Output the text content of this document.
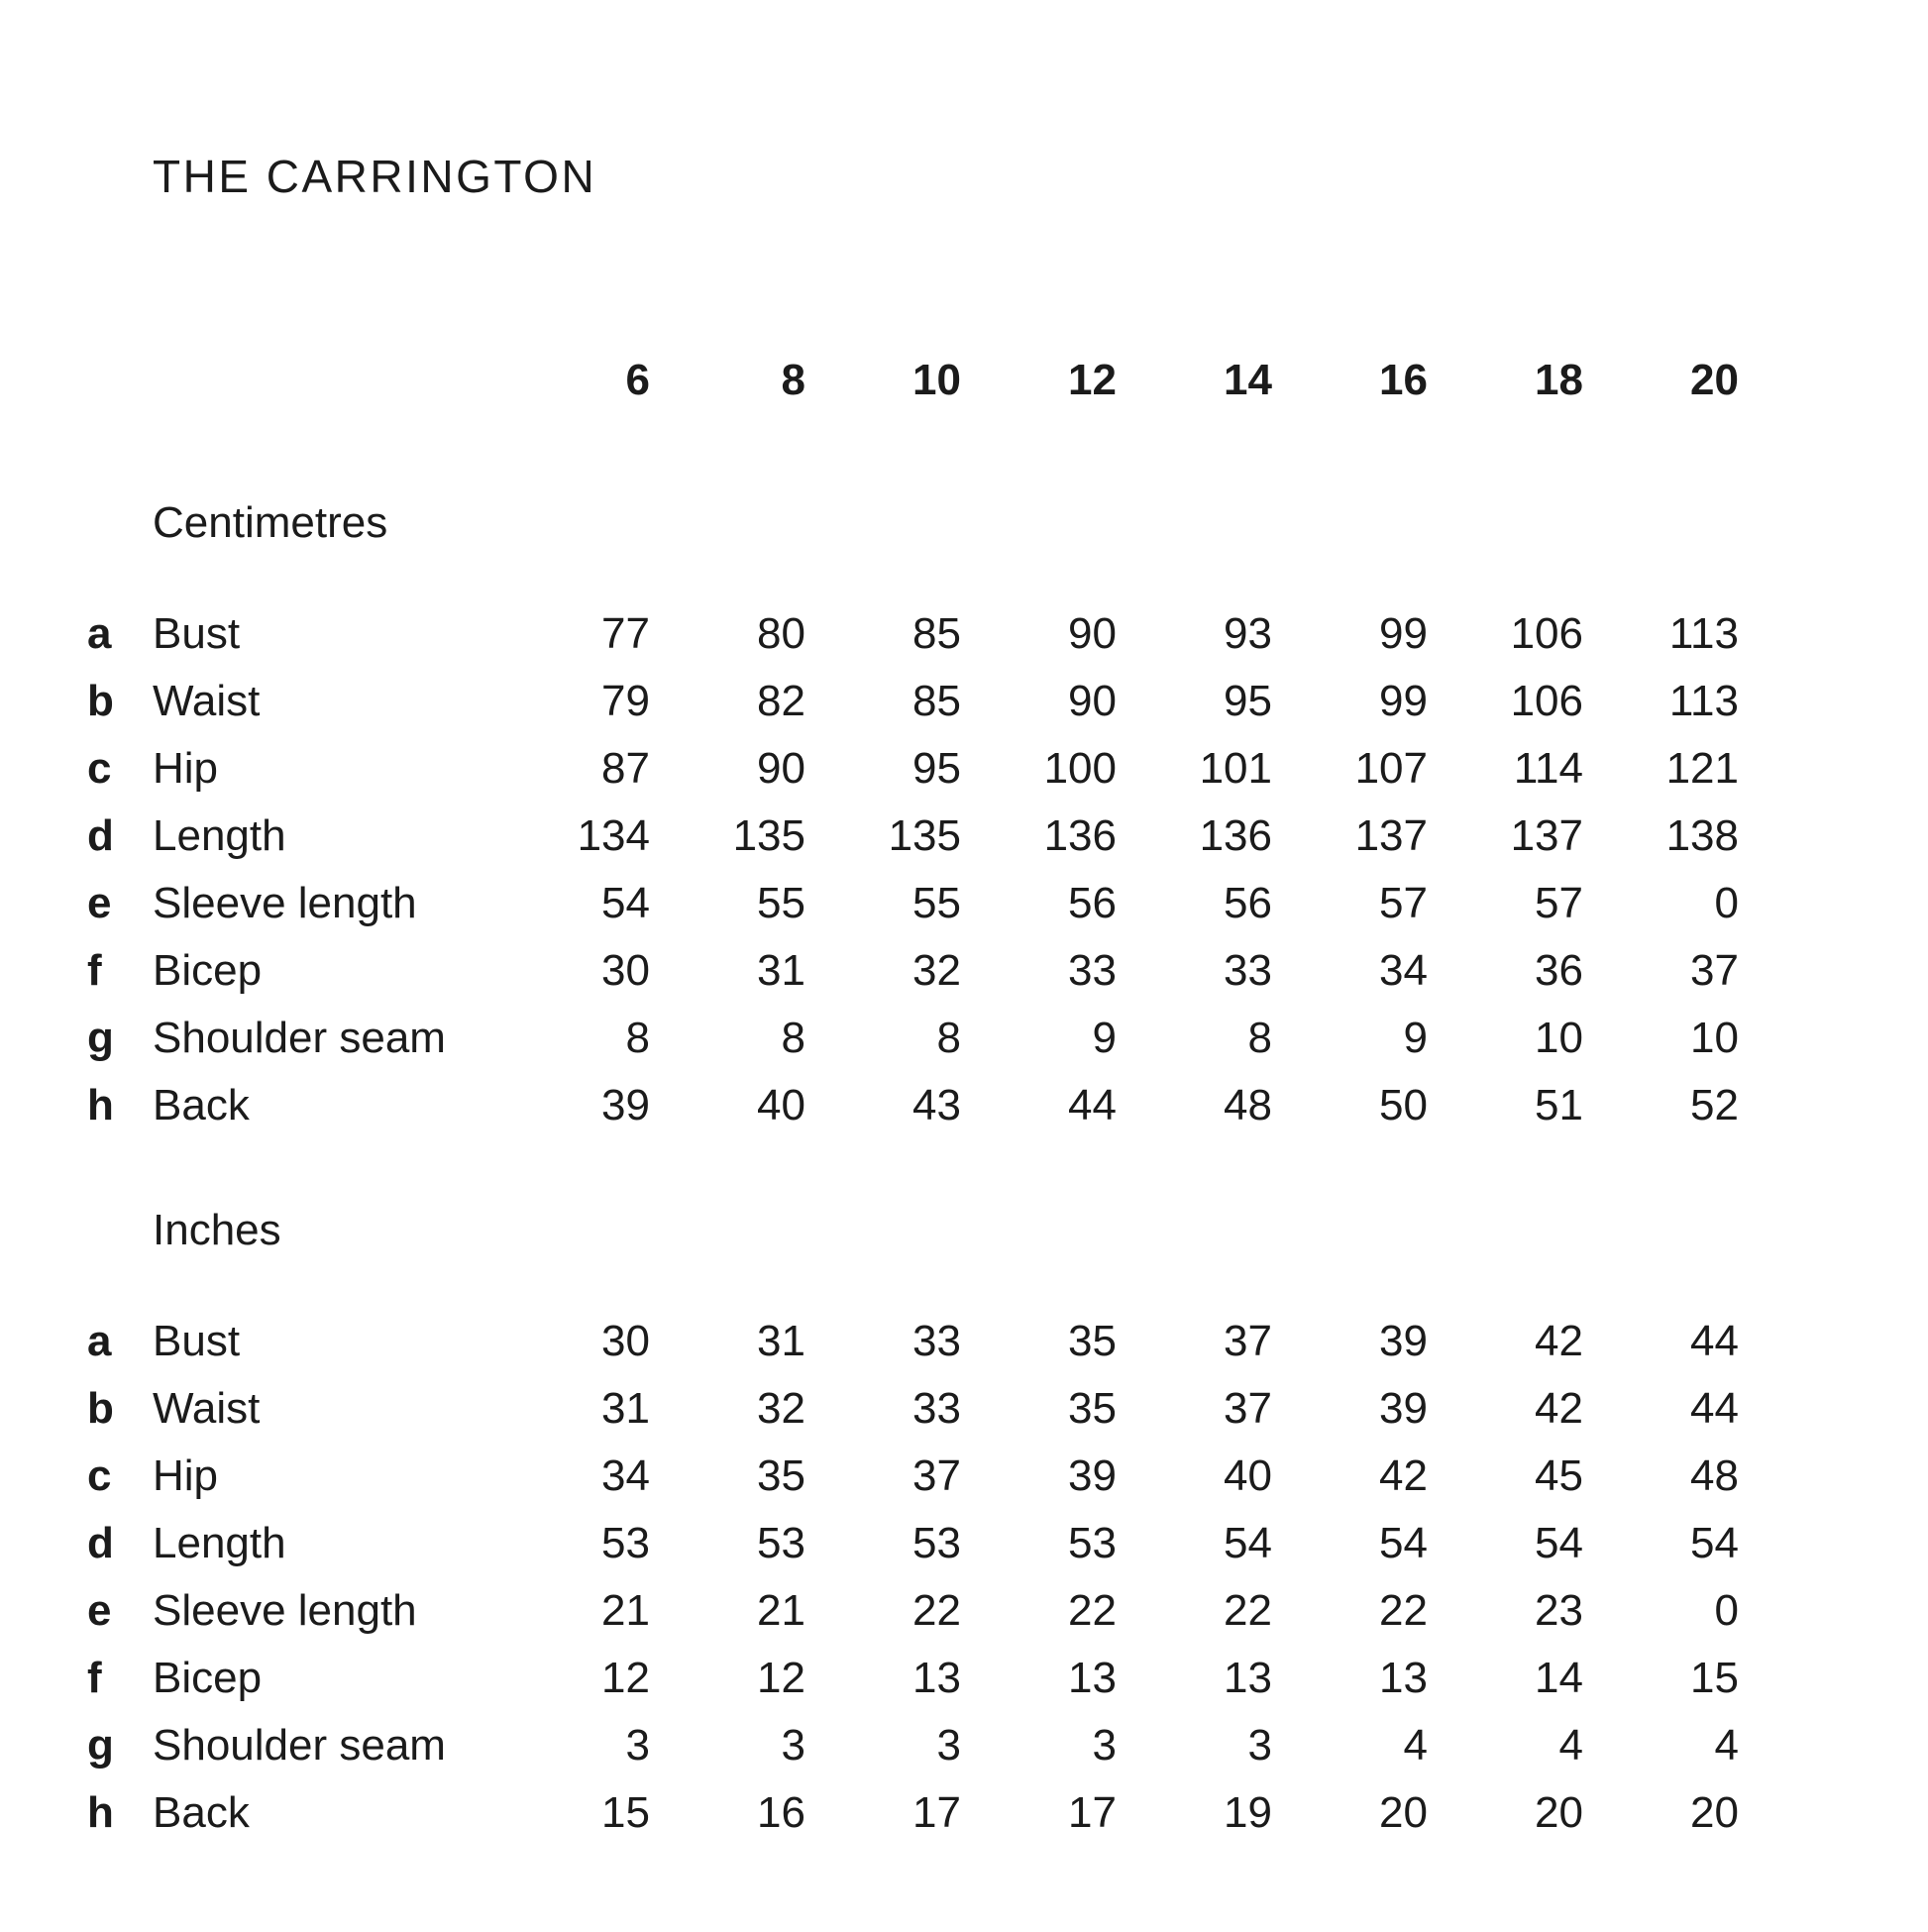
THE CARRINGTON
6	8	10	12	14	16	18	20
Centimetres
a Bust	77	80	85	90	93	99	106	113
b Waist	79	82	85	90	95	99	106	113
c Hip	87	90	95	100	101	107	114	121
d Length	134	135	135	136	136	137	137	138
e Sleeve length	54	55	55	56	56	57	57	0
f	Bicep	30	31	32	33	33	34	36	37
g Shoulder seam	8	8	8	9	8	9	10	10
h Back	39	40	43	44	48	50	51	52
Inches
a Bust	30	31	33	35	37	39	42	44
b Waist	31	32	33	35	37	39	42	44
c Hip	34	35	37	39	40	42	45	48
d Length	53	53	53	53	54	54	54	54
e Sleeve length	21	21	22	22	22	22	23	0
f	Bicep	12	12	13	13	13	13	14	15
g Shoulder seam	3	3	3	3	3	4	4	4
h Back	15	16	17	17	19	20	20	20
